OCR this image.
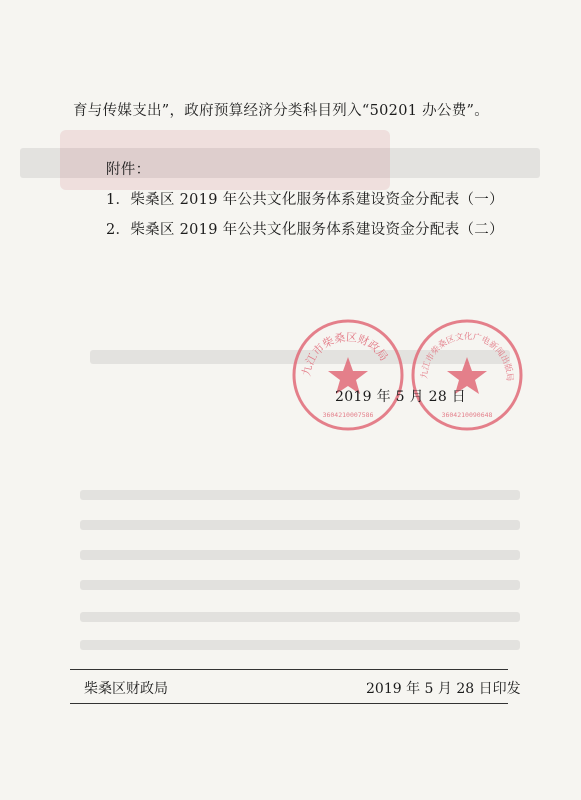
育与传媒支出”，政府预算经济分类科目列入“50201 办公费”。
附件：
1．柴桑区 2019 年公共文化服务体系建设资金分配表（一）
2．柴桑区 2019 年公共文化服务体系建设资金分配表（二）
九江市柴桑区财政局
3604210007586
九江市柴桑区文化广电新闻出版局
3604210090648
2019 年 5 月 28 日
柴桑区财政局	2019 年 5 月 28 日印发
